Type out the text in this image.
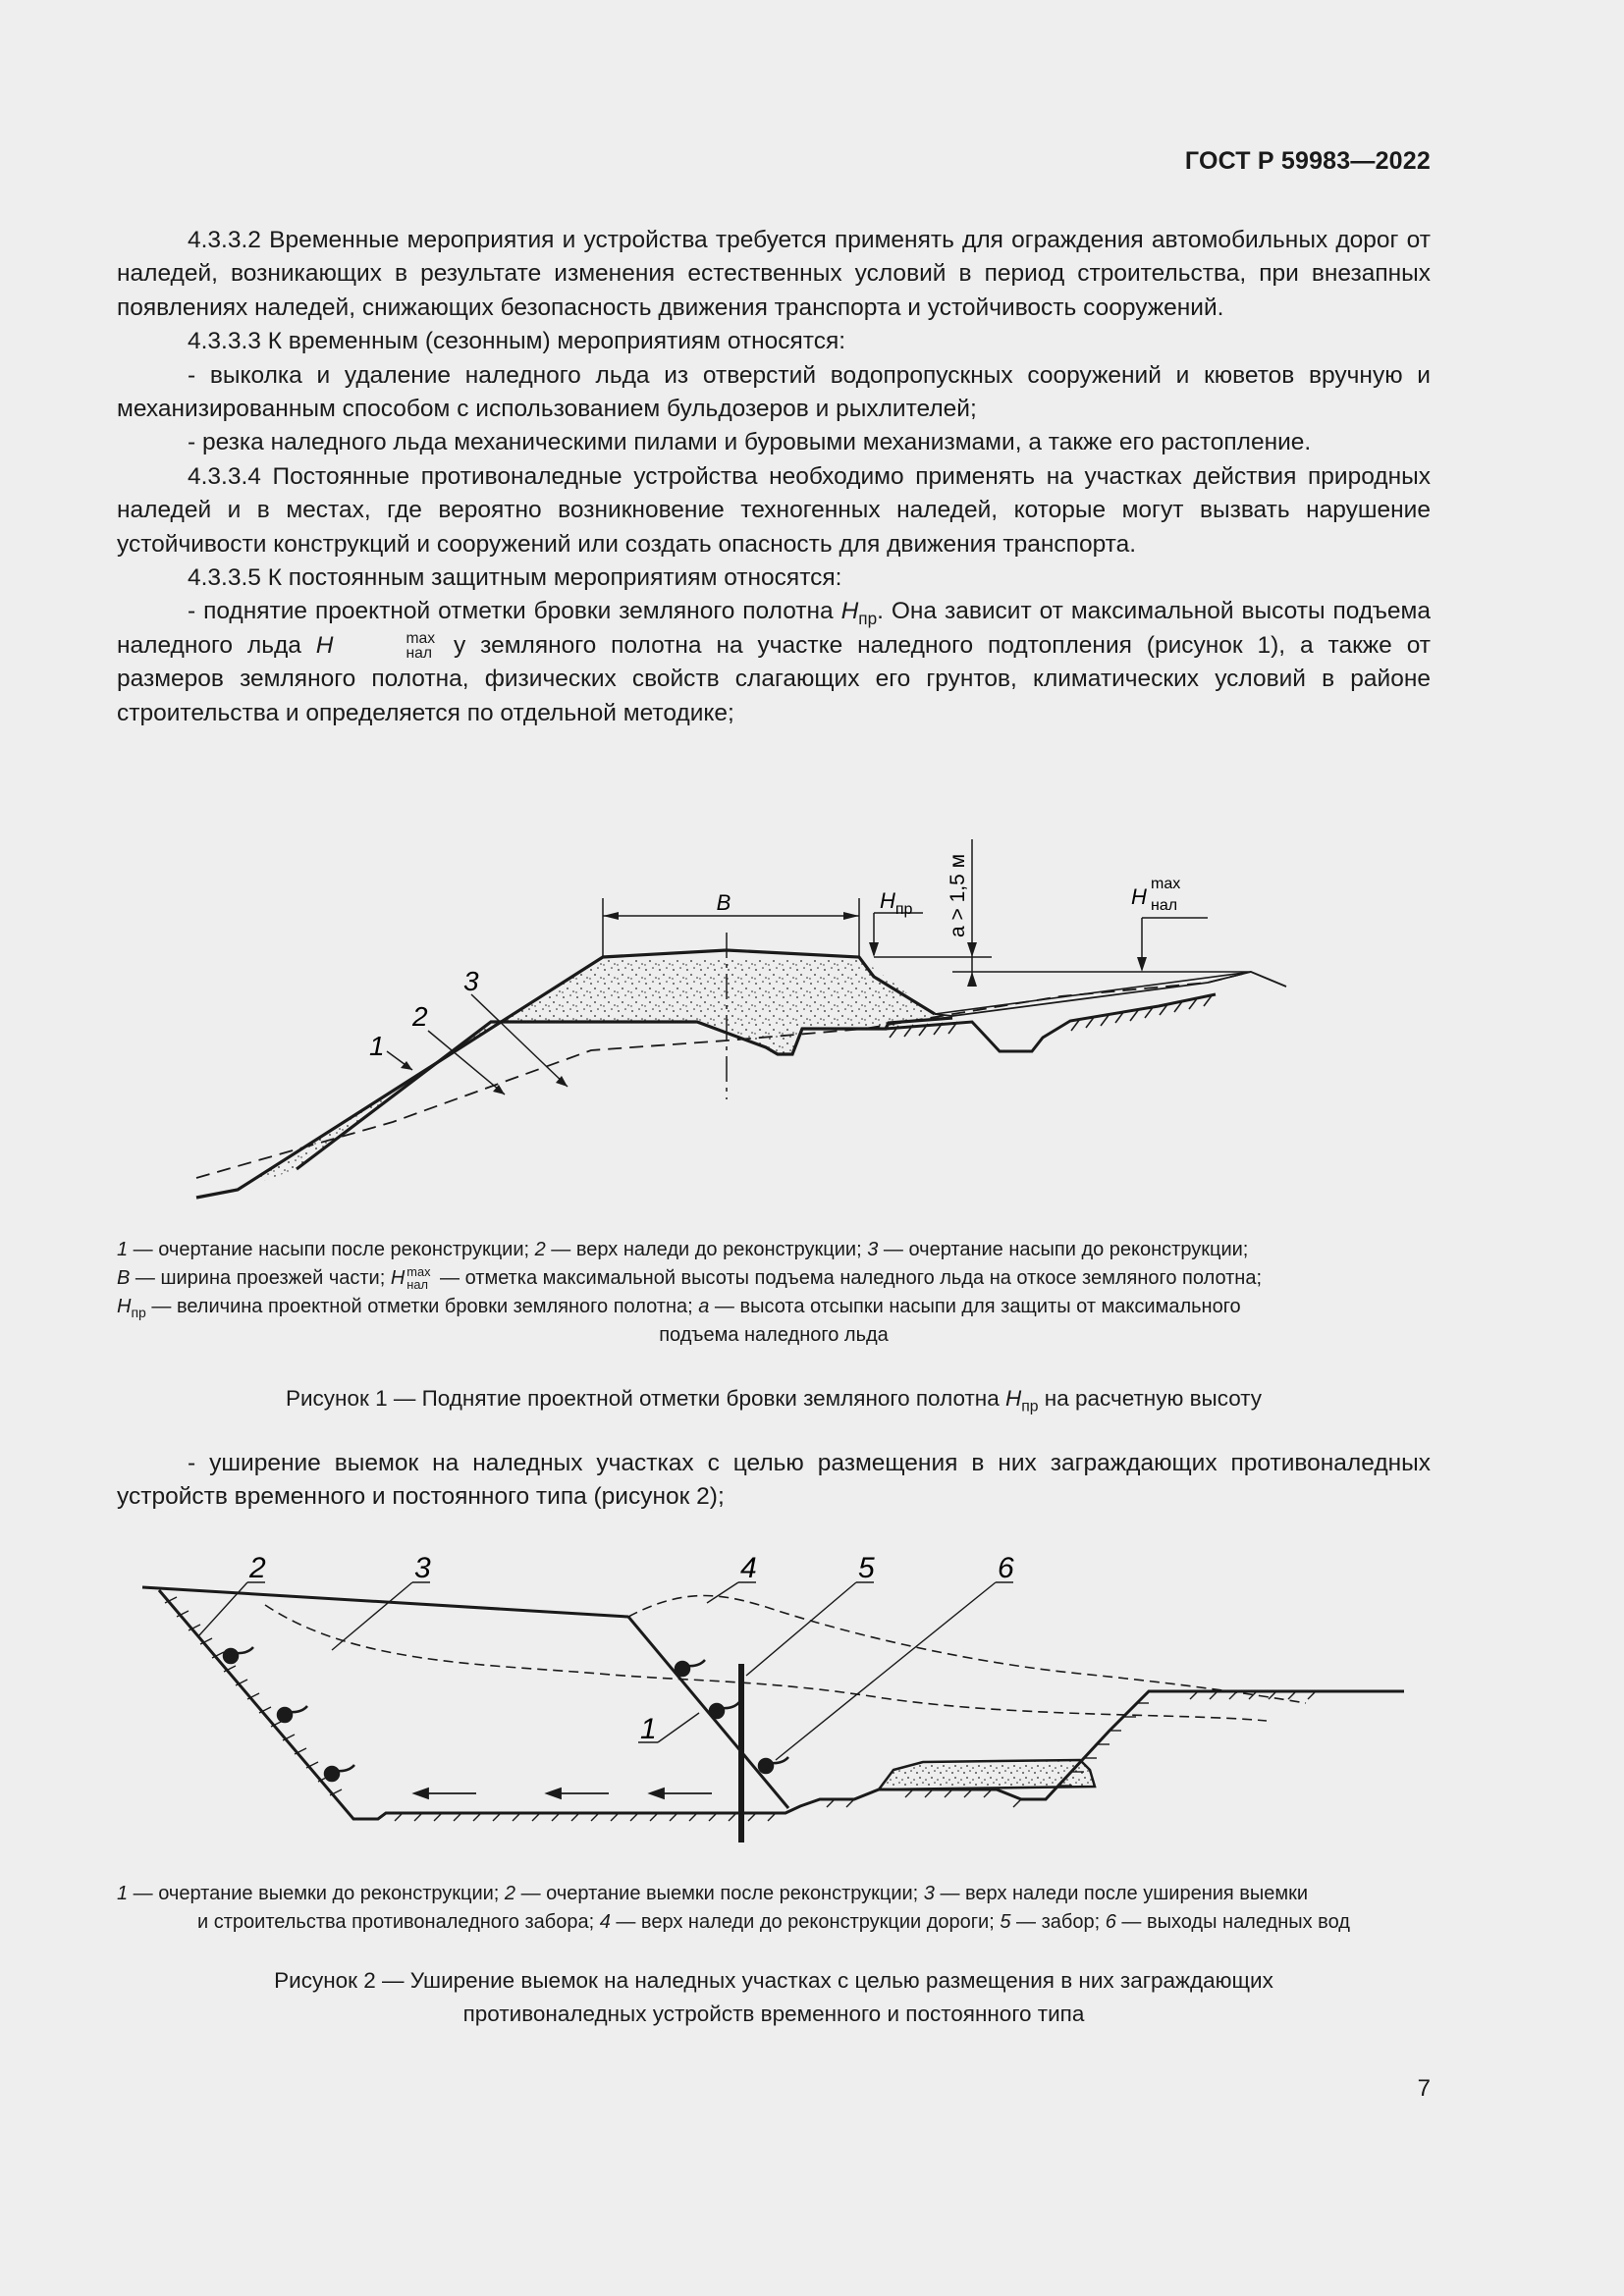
ГОСТ Р 59983—2022

4.3.3.2 Временные мероприятия и устройства требуется применять для ограждения автомобильных дорог от наледей, возникающих в результате изменения естественных условий в период строительства, при внезапных появлениях наледей, снижающих безопасность движения транспорта и устойчивость сооружений.

4.3.3.3 К временным (сезонным) мероприятиям относятся:

- выколка и удаление наледного льда из отверстий водопропускных сооружений и кюветов вручную и механизированным способом с использованием бульдозеров и рыхлителей;

- резка наледного льда механическими пилами и буровыми механизмами, а также его растопление.

4.3.3.4 Постоянные противоналедные устройства необходимо применять на участках действия природных наледей и в местах, где вероятно возникновение техногенных наледей, которые могут вызвать нарушение устойчивости конструкций и сооружений или создать опасность для движения транспорта.

4.3.3.5 К постоянным защитным мероприятиям относятся:

- поднятие проектной отметки бровки земляного полотна $H_{пр}$. Она зависит от максимальной высоты подъема наледного льда H	max
нал у земляного полотна на участке наледного подтопления (рисунок 1), а также от размеров земляного полотна, физических свойств слагающих его грунтов, климатических условий в районе строительства и определяется по отдельной методике;

B	$H_{пр}$ a > 1,5 м	Hmax нал
1
2
3

1 — очертание насыпи после реконструкции; 2 — верх наледи до реконструкции; 3 — очертание насыпи до реконструкции;

B — ширина проезжей части; H max
нал — отметка максимальной высоты подъема наледного льда на откосе земляного полотна;

$H_{пр}$ — величина проектной отметки бровки земляного полотна; a — высота отсыпки насыпи для защиты от максимального

подъема наледного льда

Рисунок 1 — Поднятие проектной отметки бровки земляного полотна $H_{пр}$ на расчетную высоту

- уширение выемок на наледных участках с целью размещения в них заграждающих противоналедных устройств временного и постоянного типа (рисунок 2);

2	3	4	5	6
1

1 — очертание выемки до реконструкции; 2 — очертание выемки после реконструкции; 3 — верх наледи после уширения выемки

и строительства противоналедного забора; 4 — верх наледи до реконструкции дороги; 5 — забор; 6 — выходы наледных вод

Рисунок 2 — Уширение выемок на наледных участках с целью размещения в них заграждающих
противоналедных устройств временного и постоянного типа
7
